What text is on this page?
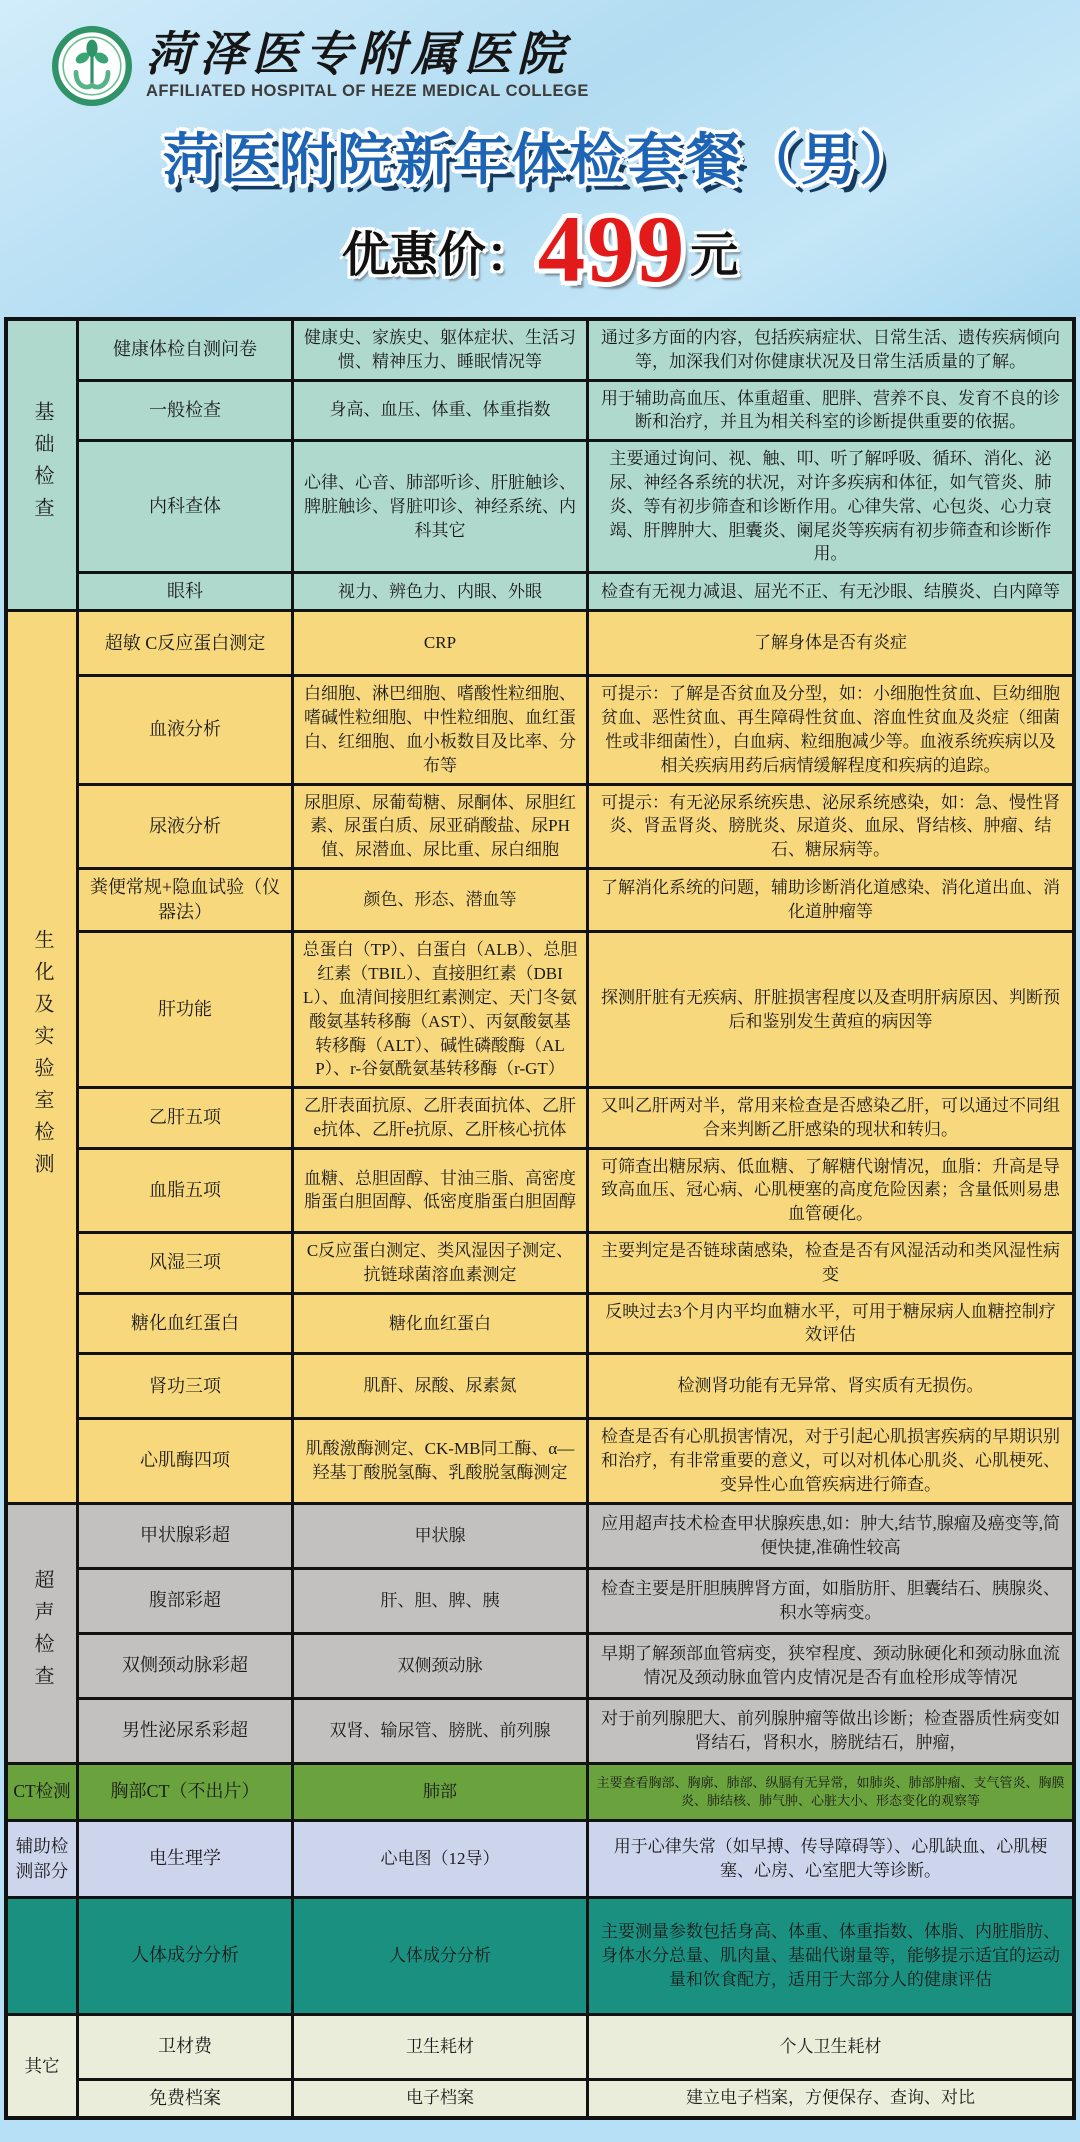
菏泽医专附属医院
AFFILIATED HOSPITAL OF HEZE MEDICAL COLLEGE
菏医附院新年体检套餐（男）
优惠价：499元
基础检查	健康体检自测问卷	健康史、家族史、躯体症状、生活习惯、精神压力、睡眠情况等	通过多方面的内容，包括疾病症状、日常生活、遗传疾病倾向等，加深我们对你健康状况及日常生活质量的了解。
	一般检查	身高、血压、体重、体重指数	用于辅助高血压、体重超重、肥胖、营养不良、发育不良的诊断和治疗，并且为相关科室的诊断提供重要的依据。
	内科查体	心律、心音、肺部听诊、肝脏触诊、脾脏触诊、肾脏叩诊、神经系统、内科其它	主要通过询问、视、触、叩、听了解呼吸、循环、消化、泌尿、神经各系统的状况，对许多疾病和体征，如气管炎、肺炎、等有初步筛查和诊断作用。心律失常、心包炎、心力衰竭、肝脾肿大、胆囊炎、阑尾炎等疾病有初步筛查和诊断作用。
	眼科	视力、辨色力、内眼、外眼	检查有无视力减退、屈光不正、有无沙眼、结膜炎、白内障等

生化及实验室检测	超敏 C反应蛋白测定	CRP	了解身体是否有炎症
	血液分析	白细胞、淋巴细胞、嗜酸性粒细胞、嗜碱性粒细胞、中性粒细胞、血红蛋白、红细胞、血小板数目及比率、分布等	可提示：了解是否贫血及分型，如：小细胞性贫血、巨幼细胞贫血、恶性贫血、再生障碍性贫血、溶血性贫血及炎症（细菌性或非细菌性），白血病、粒细胞减少等。血液系统疾病以及相关疾病用药后病情缓解程度和疾病的追踪。
	尿液分析	尿胆原、尿葡萄糖、尿酮体、尿胆红素、尿蛋白质、尿亚硝酸盐、尿PH值、尿潜血、尿比重、尿白细胞	可提示：有无泌尿系统疾患、泌尿系统感染，如：急、慢性肾炎、肾盂肾炎、膀胱炎、尿道炎、血尿、肾结核、肿瘤、结石、糖尿病等。
	粪便常规+隐血试验（仪器法）	颜色、形态、潜血等	了解消化系统的问题，辅助诊断消化道感染、消化道出血、消化道肿瘤等
	肝功能	总蛋白（TP）、白蛋白（ALB）、总胆红素（TBIL）、直接胆红素（DBIL）、血清间接胆红素测定、天门冬氨酸氨基转移酶（AST）、丙氨酸氨基转移酶（ALT）、碱性磷酸酶（ALP）、r-谷氨酰氨基转移酶（r-GT）	探测肝脏有无疾病、肝脏损害程度以及查明肝病原因、判断预后和鉴别发生黄疸的病因等
	乙肝五项	乙肝表面抗原、乙肝表面抗体、乙肝e抗体、乙肝e抗原、乙肝核心抗体	又叫乙肝两对半，常用来检查是否感染乙肝，可以通过不同组合来判断乙肝感染的现状和转归。
	血脂五项	血糖、总胆固醇、甘油三脂、高密度脂蛋白胆固醇、低密度脂蛋白胆固醇	可筛查出糖尿病、低血糖、了解糖代谢情况，血脂：升高是导致高血压、冠心病、心肌梗塞的高度危险因素；含量低则易患血管硬化。
	风湿三项	C反应蛋白测定、类风湿因子测定、抗链球菌溶血素测定	主要判定是否链球菌感染，检查是否有风湿活动和类风湿性病变
	糖化血红蛋白	糖化血红蛋白	反映过去3个月内平均血糖水平，可用于糖尿病人血糖控制疗效评估
	肾功三项	肌酐、尿酸、尿素氮	检测肾功能有无异常、肾实质有无损伤。
	心肌酶四项	肌酸激酶测定、CK-MB同工酶、α—羟基丁酸脱氢酶、乳酸脱氢酶测定	检查是否有心肌损害情况，对于引起心肌损害疾病的早期识别和治疗，有非常重要的意义，可以对机体心肌炎、心肌梗死、变异性心血管疾病进行筛查。

超声检查	甲状腺彩超	甲状腺	应用超声技术检查甲状腺疾患,如：肿大,结节,腺瘤及癌变等,简便快捷,准确性较高
	腹部彩超	肝、胆、脾、胰	检查主要是肝胆胰脾肾方面，如脂肪肝、胆囊结石、胰腺炎、积水等病变。
	双侧颈动脉彩超	双侧颈动脉	早期了解颈部血管病变，狭窄程度、颈动脉硬化和颈动脉血流情况及颈动脉血管内皮情况是否有血栓形成等情况
	男性泌尿系彩超	双肾、输尿管、膀胱、前列腺	对于前列腺肥大、前列腺肿瘤等做出诊断；检查器质性病变如肾结石，肾积水，膀胱结石，肿瘤，

CT检测	胸部CT（不出片）	肺部	主要查看胸部、胸廓、肺部、纵膈有无异常，如肺炎、肺部肿瘤、支气管炎、胸膜炎、肺结核、肺气肿、心脏大小、形态变化的观察等

辅助检测部分	电生理学	心电图（12导）	用于心律失常（如早搏、传导障碍等）、心肌缺血、心肌梗塞、心房、心室肥大等诊断。

	人体成分分析	人体成分分析	主要测量参数包括身高、体重、体重指数、体脂、内脏脂肪、身体水分总量、肌肉量、基础代谢量等，能够提示适宜的运动量和饮食配方，适用于大部分人的健康评估

其它	卫材费	卫生耗材	个人卫生耗材
	免费档案	电子档案	建立电子档案，方便保存、查询、对比
